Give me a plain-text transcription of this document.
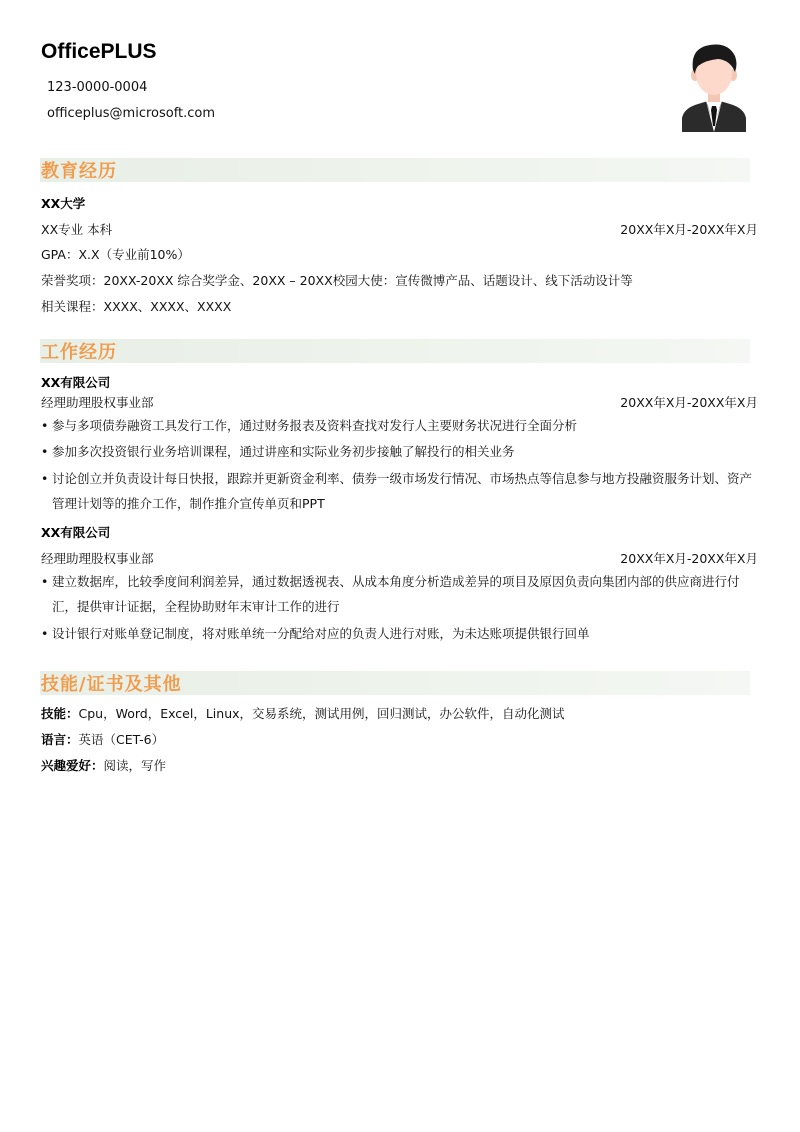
OfficePLUS
123-0000-0004
officeplus@microsoft.com
教育经历
XX大学
XX专业 本科	20XX年X月-20XX年X月
GPA：X.X（专业前10%）
荣誉奖项：20XX-20XX 综合奖学金、20XX – 20XX校园大使：宣传微博产品、话题设计、线下活动设计等
相关课程：XXXX、XXXX、XXXX
工作经历
XX有限公司
经理助理股权事业部	20XX年X月-20XX年X月
• 参与多项债券融资工具发行工作，通过财务报表及资料查找对发行人主要财务状况进行全面分析
• 参加多次投资银行业务培训课程，通过讲座和实际业务初步接触了解投行的相关业务
• 讨论创立并负责设计每日快报，跟踪并更新资金利率、债券一级市场发行情况、市场热点等信息参与地方投融资服务计划、资产管理计划等的推介工作，制作推介宣传单页和PPT
XX有限公司
经理助理股权事业部	20XX年X月-20XX年X月
• 建立数据库，比较季度间利润差异，通过数据透视表、从成本角度分析造成差异的项目及原因负责向集团内部的供应商进行付汇，提供审计证据，全程协助财年末审计工作的进行
• 设计银行对账单登记制度，将对账单统一分配给对应的负责人进行对账，为未达账项提供银行回单
技能/证书及其他
技能：Cpu，Word，Excel，Linux，交易系统，测试用例，回归测试，办公软件，自动化测试
语言：英语（CET-6）
兴趣爱好：阅读，写作
